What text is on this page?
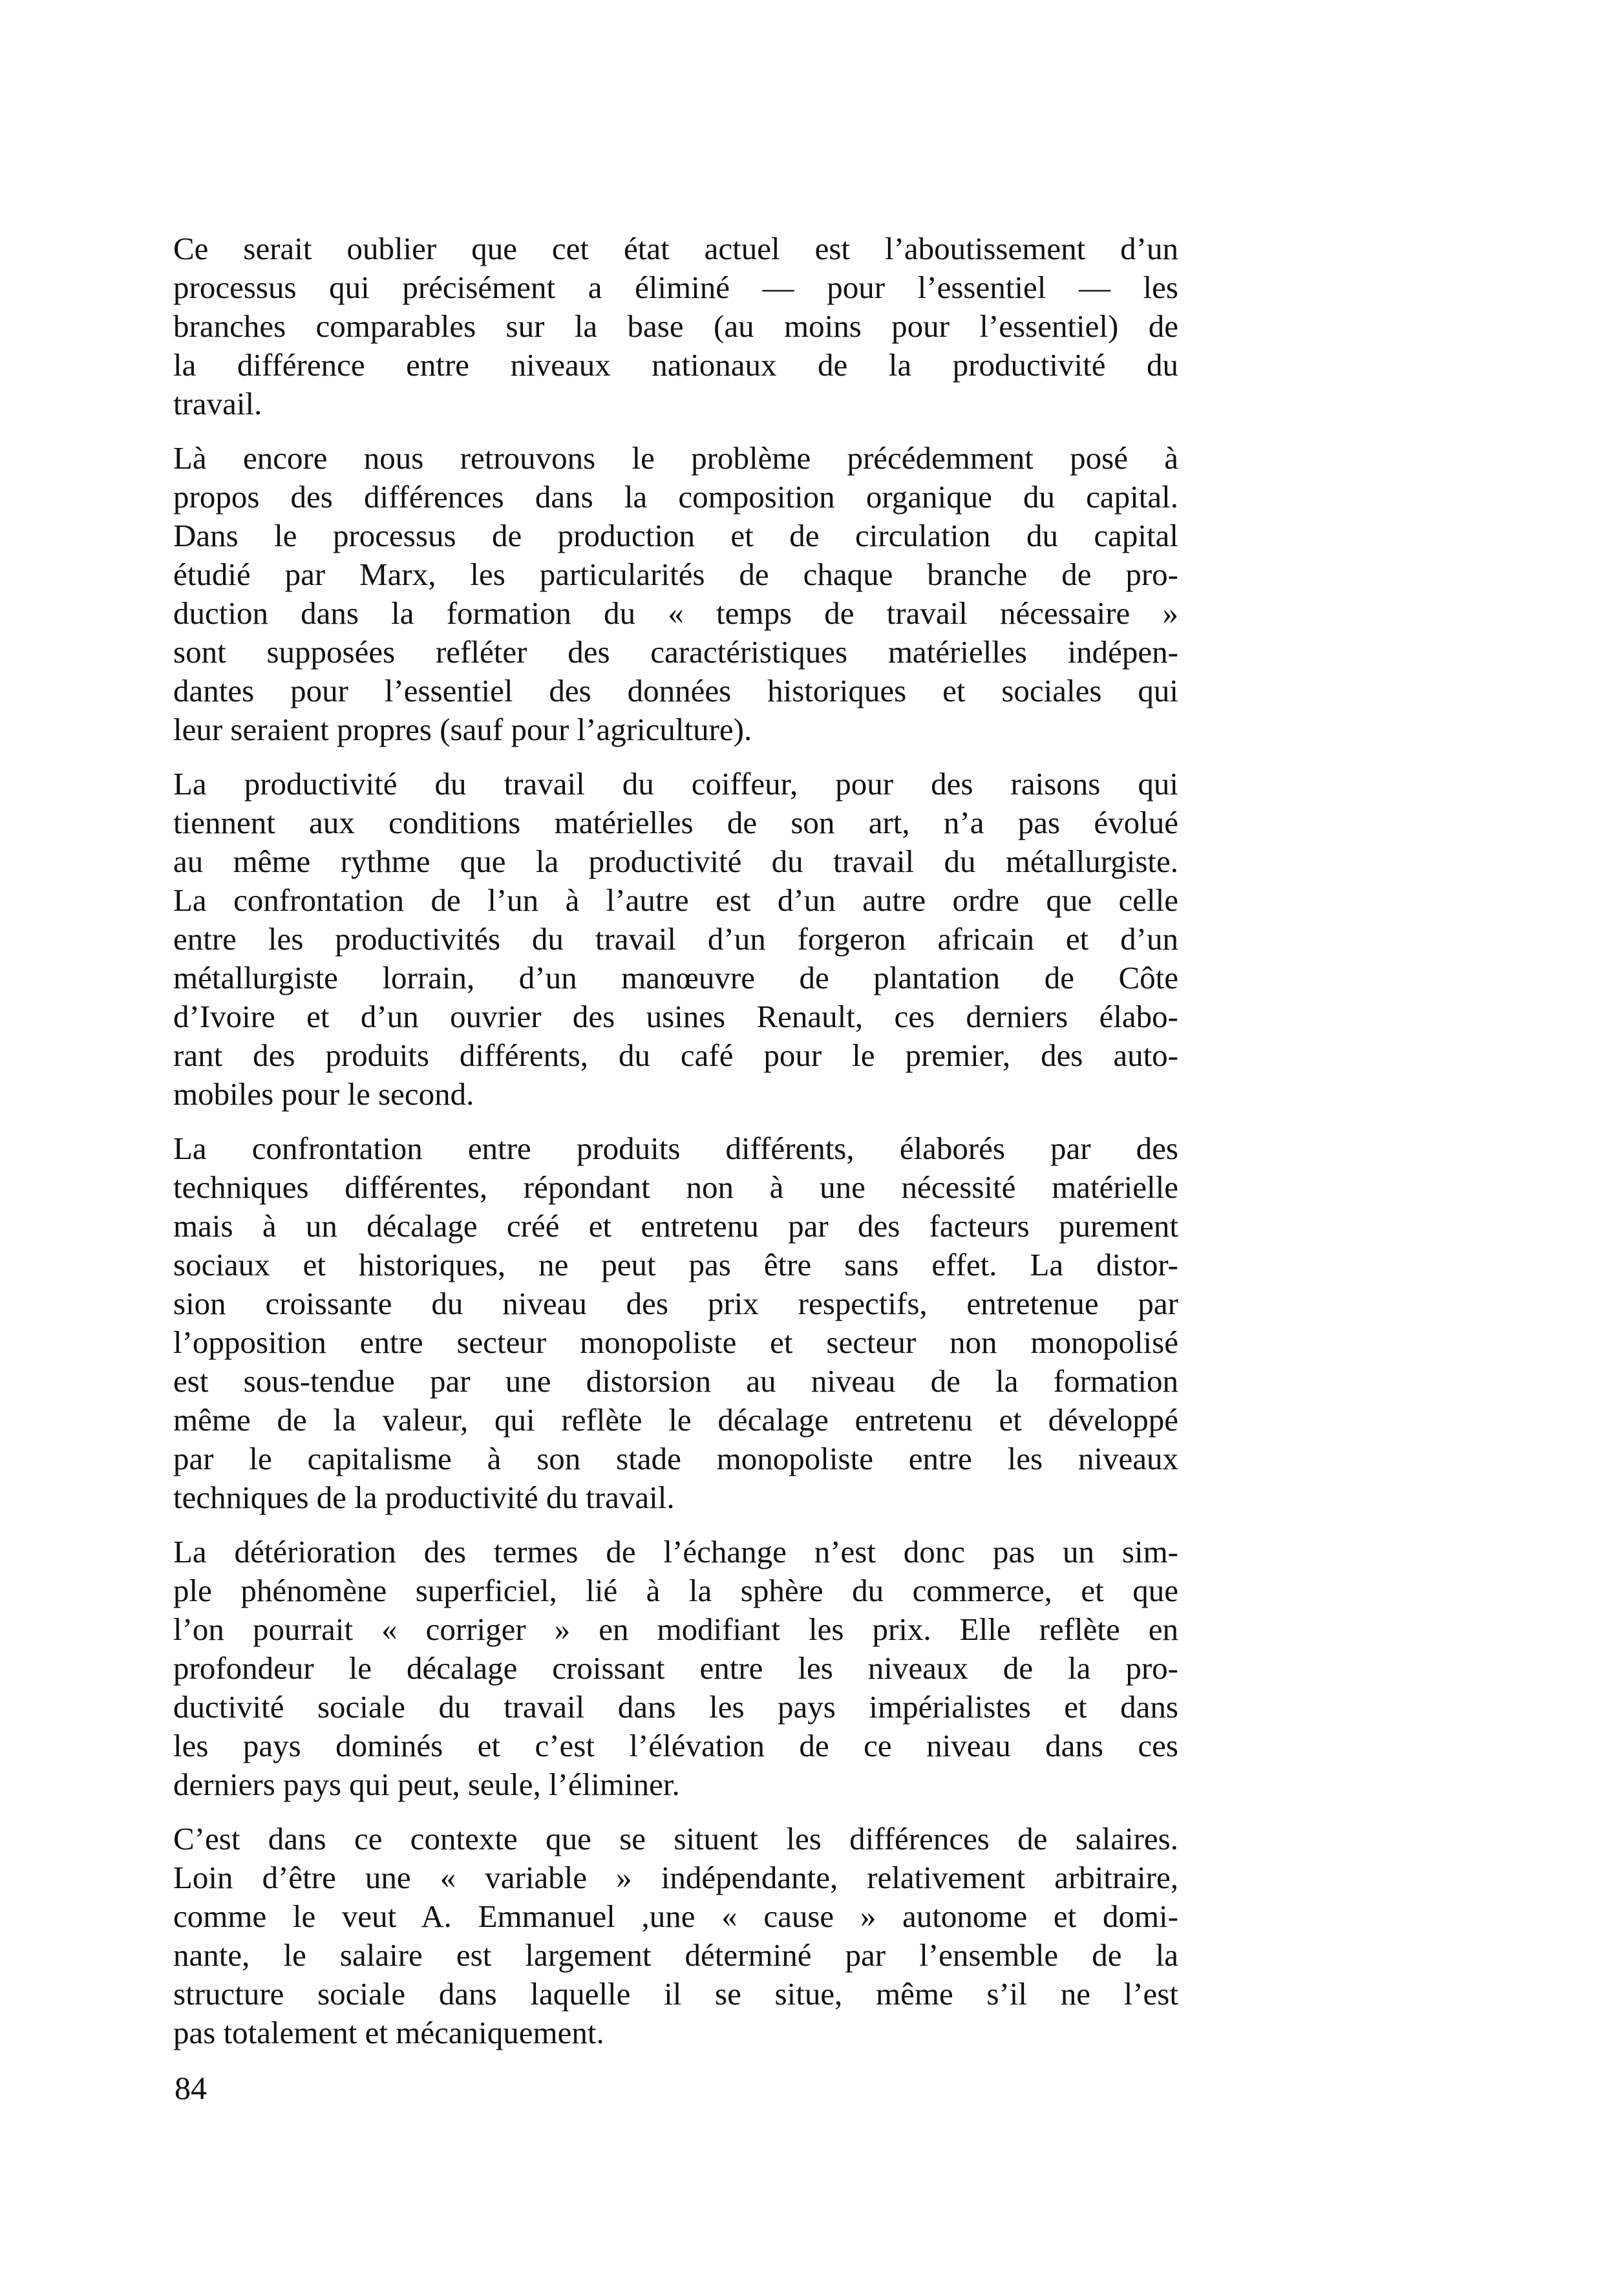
Ce serait oublier que cet état actuel est l’aboutissement d’un
processus qui précisément a éliminé — pour l’essentiel — les
branches comparables sur la base (au moins pour l’essentiel) de
la différence entre niveaux nationaux de la productivité du
travail.

Là encore nous retrouvons le problème précédemment posé à
propos des différences dans la composition organique du capital.
Dans le processus de production et de circulation du capital
étudié par Marx, les particularités de chaque branche de pro-
duction dans la formation du « temps de travail nécessaire »
sont supposées refléter des caractéristiques matérielles indépen-
dantes pour l’essentiel des données historiques et sociales qui
leur seraient propres (sauf pour l’agriculture).

La productivité du travail du coiffeur, pour des raisons qui
tiennent aux conditions matérielles de son art, n’a pas évolué
au même rythme que la productivité du travail du métallurgiste.
La confrontation de l’un à l’autre est d’un autre ordre que celle
entre les productivités du travail d’un forgeron africain et d’un
métallurgiste lorrain, d’un manœuvre de plantation de Côte
d’Ivoire et d’un ouvrier des usines Renault, ces derniers élabo-
rant des produits différents, du café pour le premier, des auto-
mobiles pour le second.

La confrontation entre produits différents, élaborés par des
techniques différentes, répondant non à une nécessité matérielle
mais à un décalage créé et entretenu par des facteurs purement
sociaux et historiques, ne peut pas être sans effet. La distor-
sion croissante du niveau des prix respectifs, entretenue par
l’opposition entre secteur monopoliste et secteur non monopolisé
est sous-tendue par une distorsion au niveau de la formation
même de la valeur, qui reflète le décalage entretenu et développé
par le capitalisme à son stade monopoliste entre les niveaux
techniques de la productivité du travail.

La détérioration des termes de l’échange n’est donc pas un sim-
ple phénomène superficiel, lié à la sphère du commerce, et que
l’on pourrait « corriger » en modifiant les prix. Elle reflète en
profondeur le décalage croissant entre les niveaux de la pro-
ductivité sociale du travail dans les pays impérialistes et dans
les pays dominés et c’est l’élévation de ce niveau dans ces
derniers pays qui peut, seule, l’éliminer.

C’est dans ce contexte que se situent les différences de salaires.
Loin d’être une « variable » indépendante, relativement arbitraire,
comme le veut A. Emmanuel ,une « cause » autonome et domi-
nante, le salaire est largement déterminé par l’ensemble de la
structure sociale dans laquelle il se situe, même s’il ne l’est
pas totalement et mécaniquement.

84
